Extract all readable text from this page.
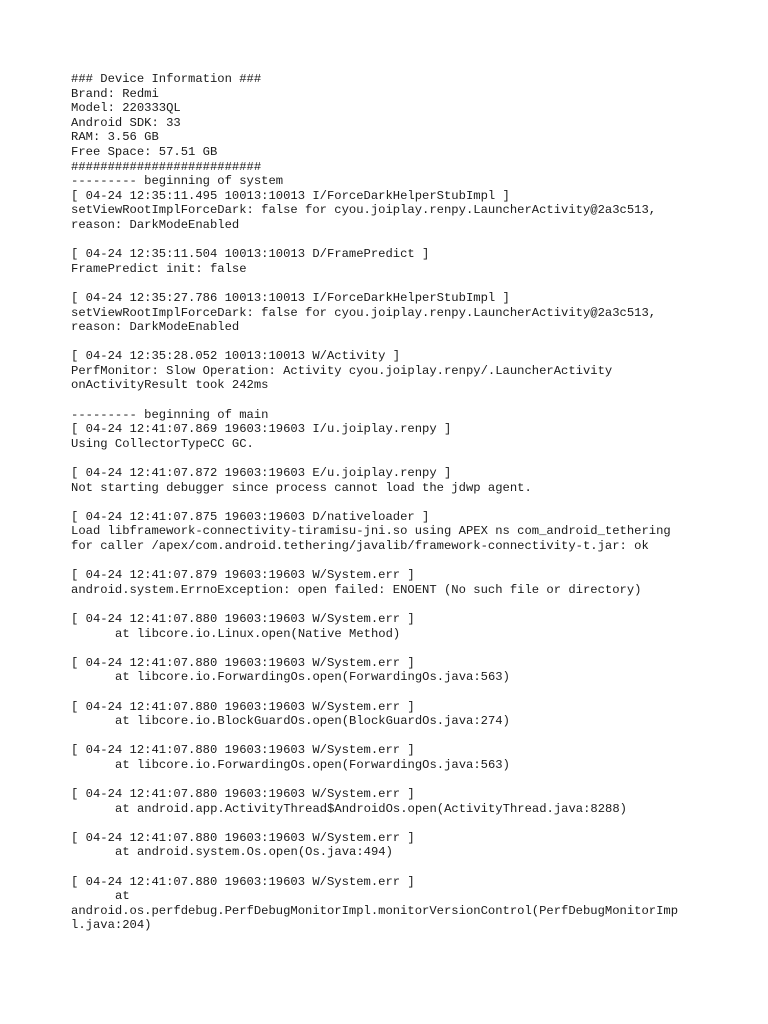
### Device Information ###
Brand: Redmi
Model: 220333QL
Android SDK: 33
RAM: 3.56 GB
Free Space: 57.51 GB
##########################
--------- beginning of system
[ 04-24 12:35:11.495 10013:10013 I/ForceDarkHelperStubImpl ]
setViewRootImplForceDark: false for cyou.joiplay.renpy.LauncherActivity@2a3c513,
reason: DarkModeEnabled
[ 04-24 12:35:11.504 10013:10013 D/FramePredict ]
FramePredict init: false
[ 04-24 12:35:27.786 10013:10013 I/ForceDarkHelperStubImpl ]
setViewRootImplForceDark: false for cyou.joiplay.renpy.LauncherActivity@2a3c513,
reason: DarkModeEnabled
[ 04-24 12:35:28.052 10013:10013 W/Activity ]
PerfMonitor: Slow Operation: Activity cyou.joiplay.renpy/.LauncherActivity
onActivityResult took 242ms
--------- beginning of main
[ 04-24 12:41:07.869 19603:19603 I/u.joiplay.renpy ]
Using CollectorTypeCC GC.
[ 04-24 12:41:07.872 19603:19603 E/u.joiplay.renpy ]
Not starting debugger since process cannot load the jdwp agent.
[ 04-24 12:41:07.875 19603:19603 D/nativeloader ]
Load libframework-connectivity-tiramisu-jni.so using APEX ns com_android_tethering
for caller /apex/com.android.tethering/javalib/framework-connectivity-t.jar: ok
[ 04-24 12:41:07.879 19603:19603 W/System.err ]
android.system.ErrnoException: open failed: ENOENT (No such file or directory)
[ 04-24 12:41:07.880 19603:19603 W/System.err ]
at libcore.io.Linux.open(Native Method)
[ 04-24 12:41:07.880 19603:19603 W/System.err ]
at libcore.io.ForwardingOs.open(ForwardingOs.java:563)
[ 04-24 12:41:07.880 19603:19603 W/System.err ]
at libcore.io.BlockGuardOs.open(BlockGuardOs.java:274)
[ 04-24 12:41:07.880 19603:19603 W/System.err ]
at libcore.io.ForwardingOs.open(ForwardingOs.java:563)
[ 04-24 12:41:07.880 19603:19603 W/System.err ]
at android.app.ActivityThread$AndroidOs.open(ActivityThread.java:8288)
[ 04-24 12:41:07.880 19603:19603 W/System.err ]
at android.system.Os.open(Os.java:494)
[ 04-24 12:41:07.880 19603:19603 W/System.err ]
at
android.os.perfdebug.PerfDebugMonitorImpl.monitorVersionControl(PerfDebugMonitorImp
l.java:204)
